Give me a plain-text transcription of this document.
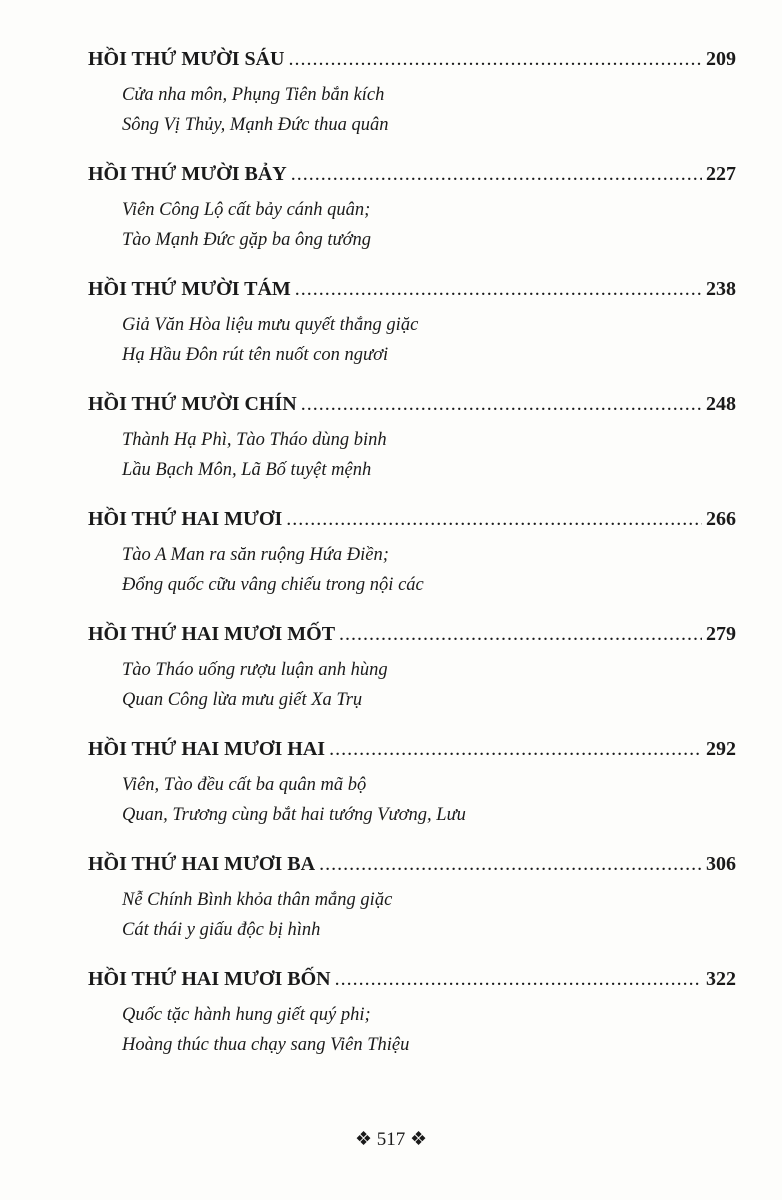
HỒI THỨ MƯỜI SÁU .....	209
Cửa nha môn, Phụng Tiên bắn kích
Sông Vị Thủy, Mạnh Đức thua quân
HỒI THỨ MƯỜI BẢY .....	227
Viên Công Lộ cất bảy cánh quân;
Tào Mạnh Đức gặp ba ông tướng
HỒI THỨ MƯỜI TÁM .....	238
Giả Văn Hòa liệu mưu quyết thắng giặc
Hạ Hầu Đôn rút tên nuốt con ngươi
HỒI THỨ MƯỜI CHÍN .....	248
Thành Hạ Phì, Tào Tháo dùng binh
Lầu Bạch Môn, Lã Bố tuyệt mệnh
HỒI THỨ HAI MƯƠI .....	266
Tào A Man ra săn ruộng Hứa Điền;
Đổng quốc cữu vâng chiếu trong nội các
HỒI THỨ HAI MƯƠI MỐT .....	279
Tào Tháo uống rượu luận anh hùng
Quan Công lừa mưu giết Xa Trụ
HỒI THỨ HAI MƯƠI HAI .....	292
Viên, Tào đều cất ba quân mã bộ
Quan, Trương cùng bắt hai tướng Vương, Lưu
HỒI THỨ HAI MƯƠI BA .....	306
Nễ Chính Bình khỏa thân mắng giặc
Cát thái y giấu độc bị hình
HỒI THỨ HAI MƯƠI BỐN .....	322
Quốc tặc hành hung giết quý phi;
Hoàng thúc thua chạy sang Viên Thiệu
❖ 517 ❖
